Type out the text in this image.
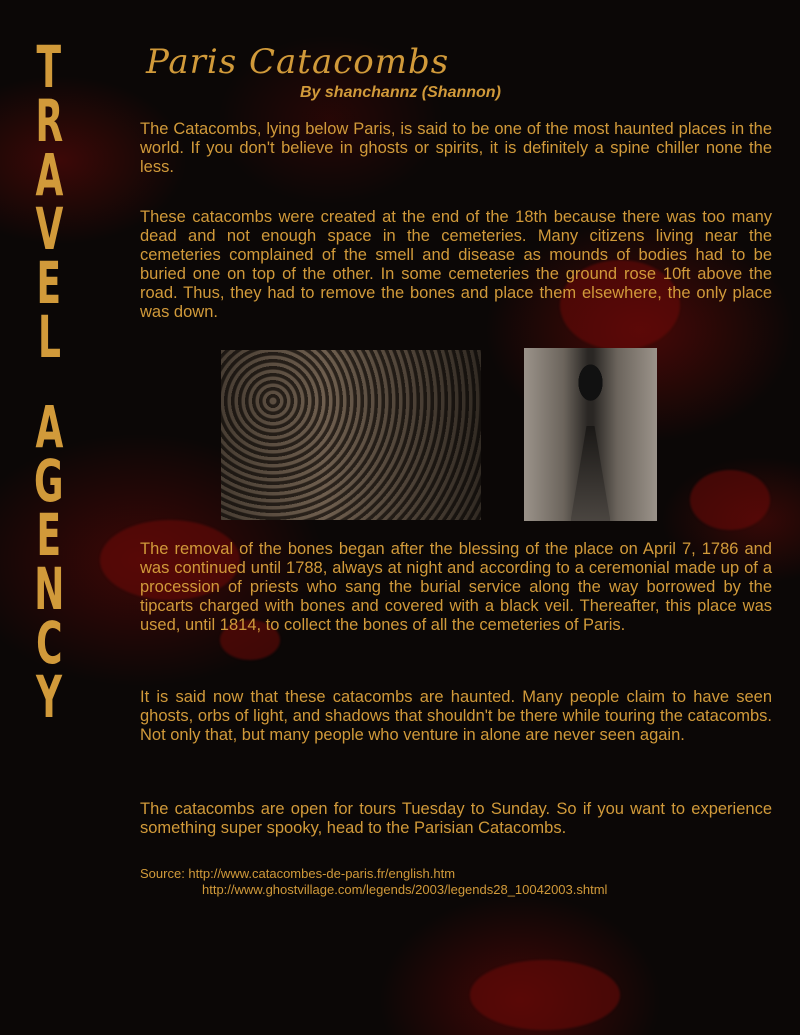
T
R
A
V
E
L
A
G
E
N
C
Y
Paris Catacombs

By shanchannz (Shannon)

The Catacombs, lying below Paris, is said to be one of the most haunted places in the world. If you don't believe in ghosts or spirits, it is definitely a spine chiller none the less.

These catacombs were created at the end of the 18th because there was too many dead and not enough space in the cemeteries. Many citizens living near the cemeteries complained of the smell and disease as mounds of bodies had to be buried one on top of the other. In some cemeteries the ground rose 10ft above the road. Thus, they had to remove the bones and place them elsewhere, the only place was down.

The removal of the bones began after the blessing of the place on April 7, 1786 and was continued until 1788, always at night and according to a ceremonial made up of a procession of priests who sang the burial service along the way borrowed by the tipcarts charged with bones and covered with a black veil. Thereafter, this place was used, until 1814, to collect the bones of all the cemeteries of Paris.

It is said now that these catacombs are haunted. Many people claim to have seen ghosts, orbs of light, and shadows that shouldn't be there while touring the catacombs. Not only that, but many people who venture in alone are never seen again.

The catacombs are open for tours Tuesday to Sunday. So if you want to experience something super spooky, head to the Parisian Catacombs.

Source: http://www.catacombes-de-paris.fr/english.htm
http://www.ghostvillage.com/legends/2003/legends28_10042003.shtml
